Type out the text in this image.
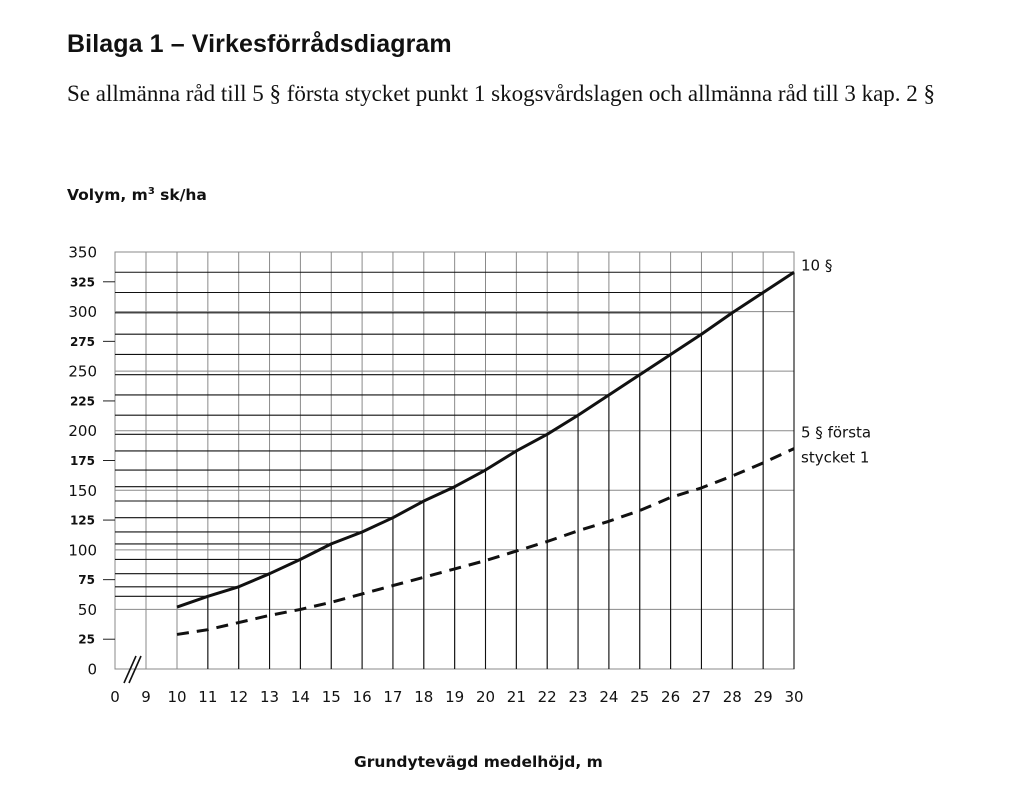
Bilaga 1 – Virkesförrådsdiagram

Se allmänna råd till 5 § första stycket punkt 1 skogsvårdslagen och allmänna råd till 3 kap. 2 §

Volym, $m^3$ sk/ha
0
50
100
150
200
250
300
350
25
75
125
175
225
275
325
0 9 10 11 12 13 14 15 16 17 18 19 20 21 22 23 24 25 26 27 28 29 30
10 §
5 § första
stycket 1
Grundytevägd medelhöjd, m
